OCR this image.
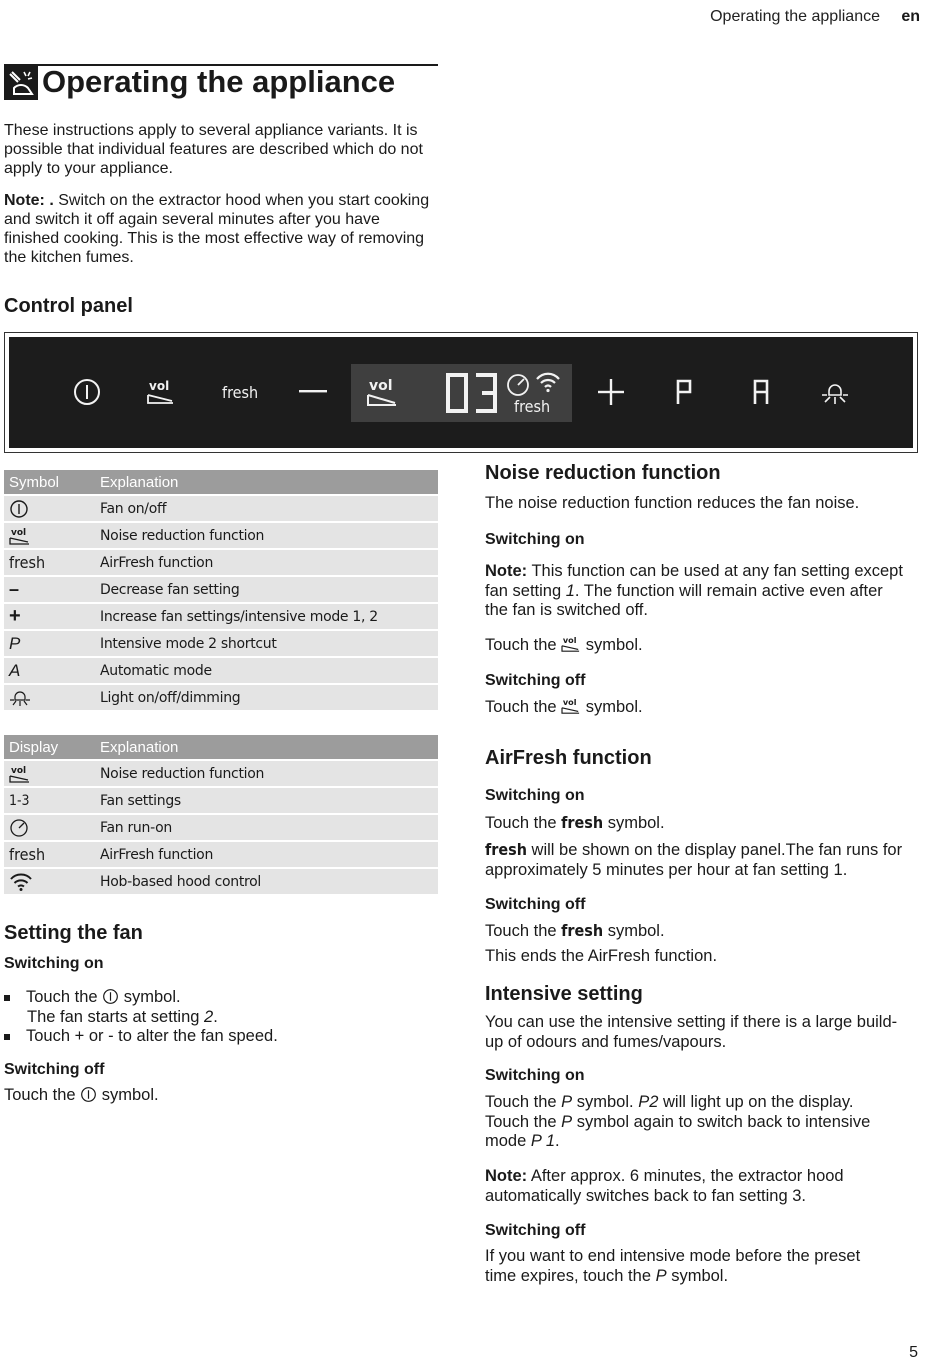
Operating the appliance en
Operating the appliance
These instructions apply to several appliance variants. It is possible that individual features are described which do not apply to your appliance.
Note: . Switch on the extractor hood when you start cooking and switch it off again several minutes after you have finished cooking. This is the most effective way of removing the kitchen fumes.
Control panel
vol	fresh	vol
fresh
Symbol	Explanation

	Fan on/off

vol	Noise reduction function
fresh	AirFresh function
–	Decrease fan setting
+	Increase fan settings/intensive mode 1, 2
P	Intensive mode 2 shortcut
A	Automatic mode

	Light on/off/dimming
Display	Explanation

vol	Noise reduction function
1-3	Fan settings

	Fan run-on
fresh	AirFresh function

	Hob-based hood control
Setting the fan
Switching on
Touch the symbol.
The fan starts at setting 2.
Touch + or - to alter the fan speed.
Switching off
Touch the symbol.
Noise reduction function
The noise reduction function reduces the fan noise.
Switching on
Note: This function can be used at any fan setting except fan setting 1. The function will remain active even after the fan is switched off.
Touch the vol symbol.
Switching off
Touch the vol symbol.
AirFresh function
Switching on
Touch the fresh symbol.
fresh will be shown on the display panel.The fan runs for approximately 5 minutes per hour at fan setting 1.
Switching off
Touch the fresh symbol.
This ends the AirFresh function.
Intensive setting
You can use the intensive setting if there is a large build-up of odours and fumes/vapours.
Switching on
Touch the P symbol. P2 will light up on the display.
Touch the P symbol again to switch back to intensive
mode P 1.
Note: After approx. 6 minutes, the extractor hood automatically switches back to fan setting 3.
Switching off
If you want to end intensive mode before the preset
time expires, touch the P symbol.
5
